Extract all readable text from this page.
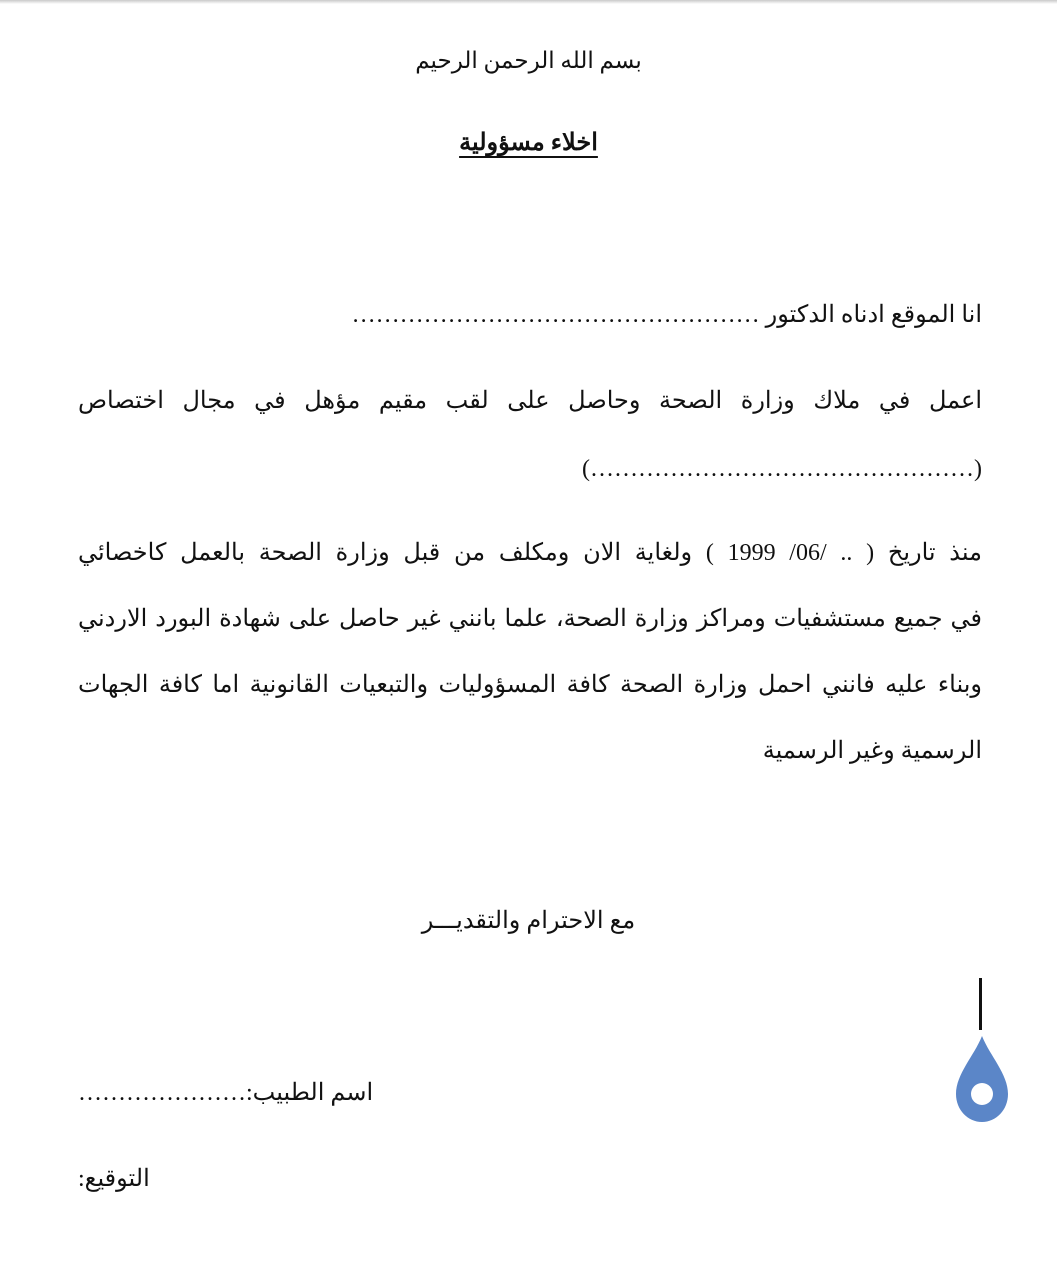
بسم الله الرحمن الرحيم
اخلاء مسؤولية
انا الموقع ادناه الدكتور ……………………………………………
اعمل في ملاك وزارة الصحة وحاصل على لقب مقيم مؤهل في مجال اختصاص
(…………………………………………)
منذ تاريخ ( .. /06/ 1999 ) ولغاية الان ومكلف من قبل وزارة الصحة بالعمل كاخصائي
في جميع مستشفيات ومراكز وزارة الصحة، علما بانني غير حاصل على شهادة البورد الاردني
وبناء عليه فانني احمل وزارة الصحة كافة المسؤوليات والتبعيات القانونية اما كافة الجهات
الرسمية وغير الرسمية
مع الاحترام والتقديـــر
اسم الطبيب:…………………
التوقيع:
